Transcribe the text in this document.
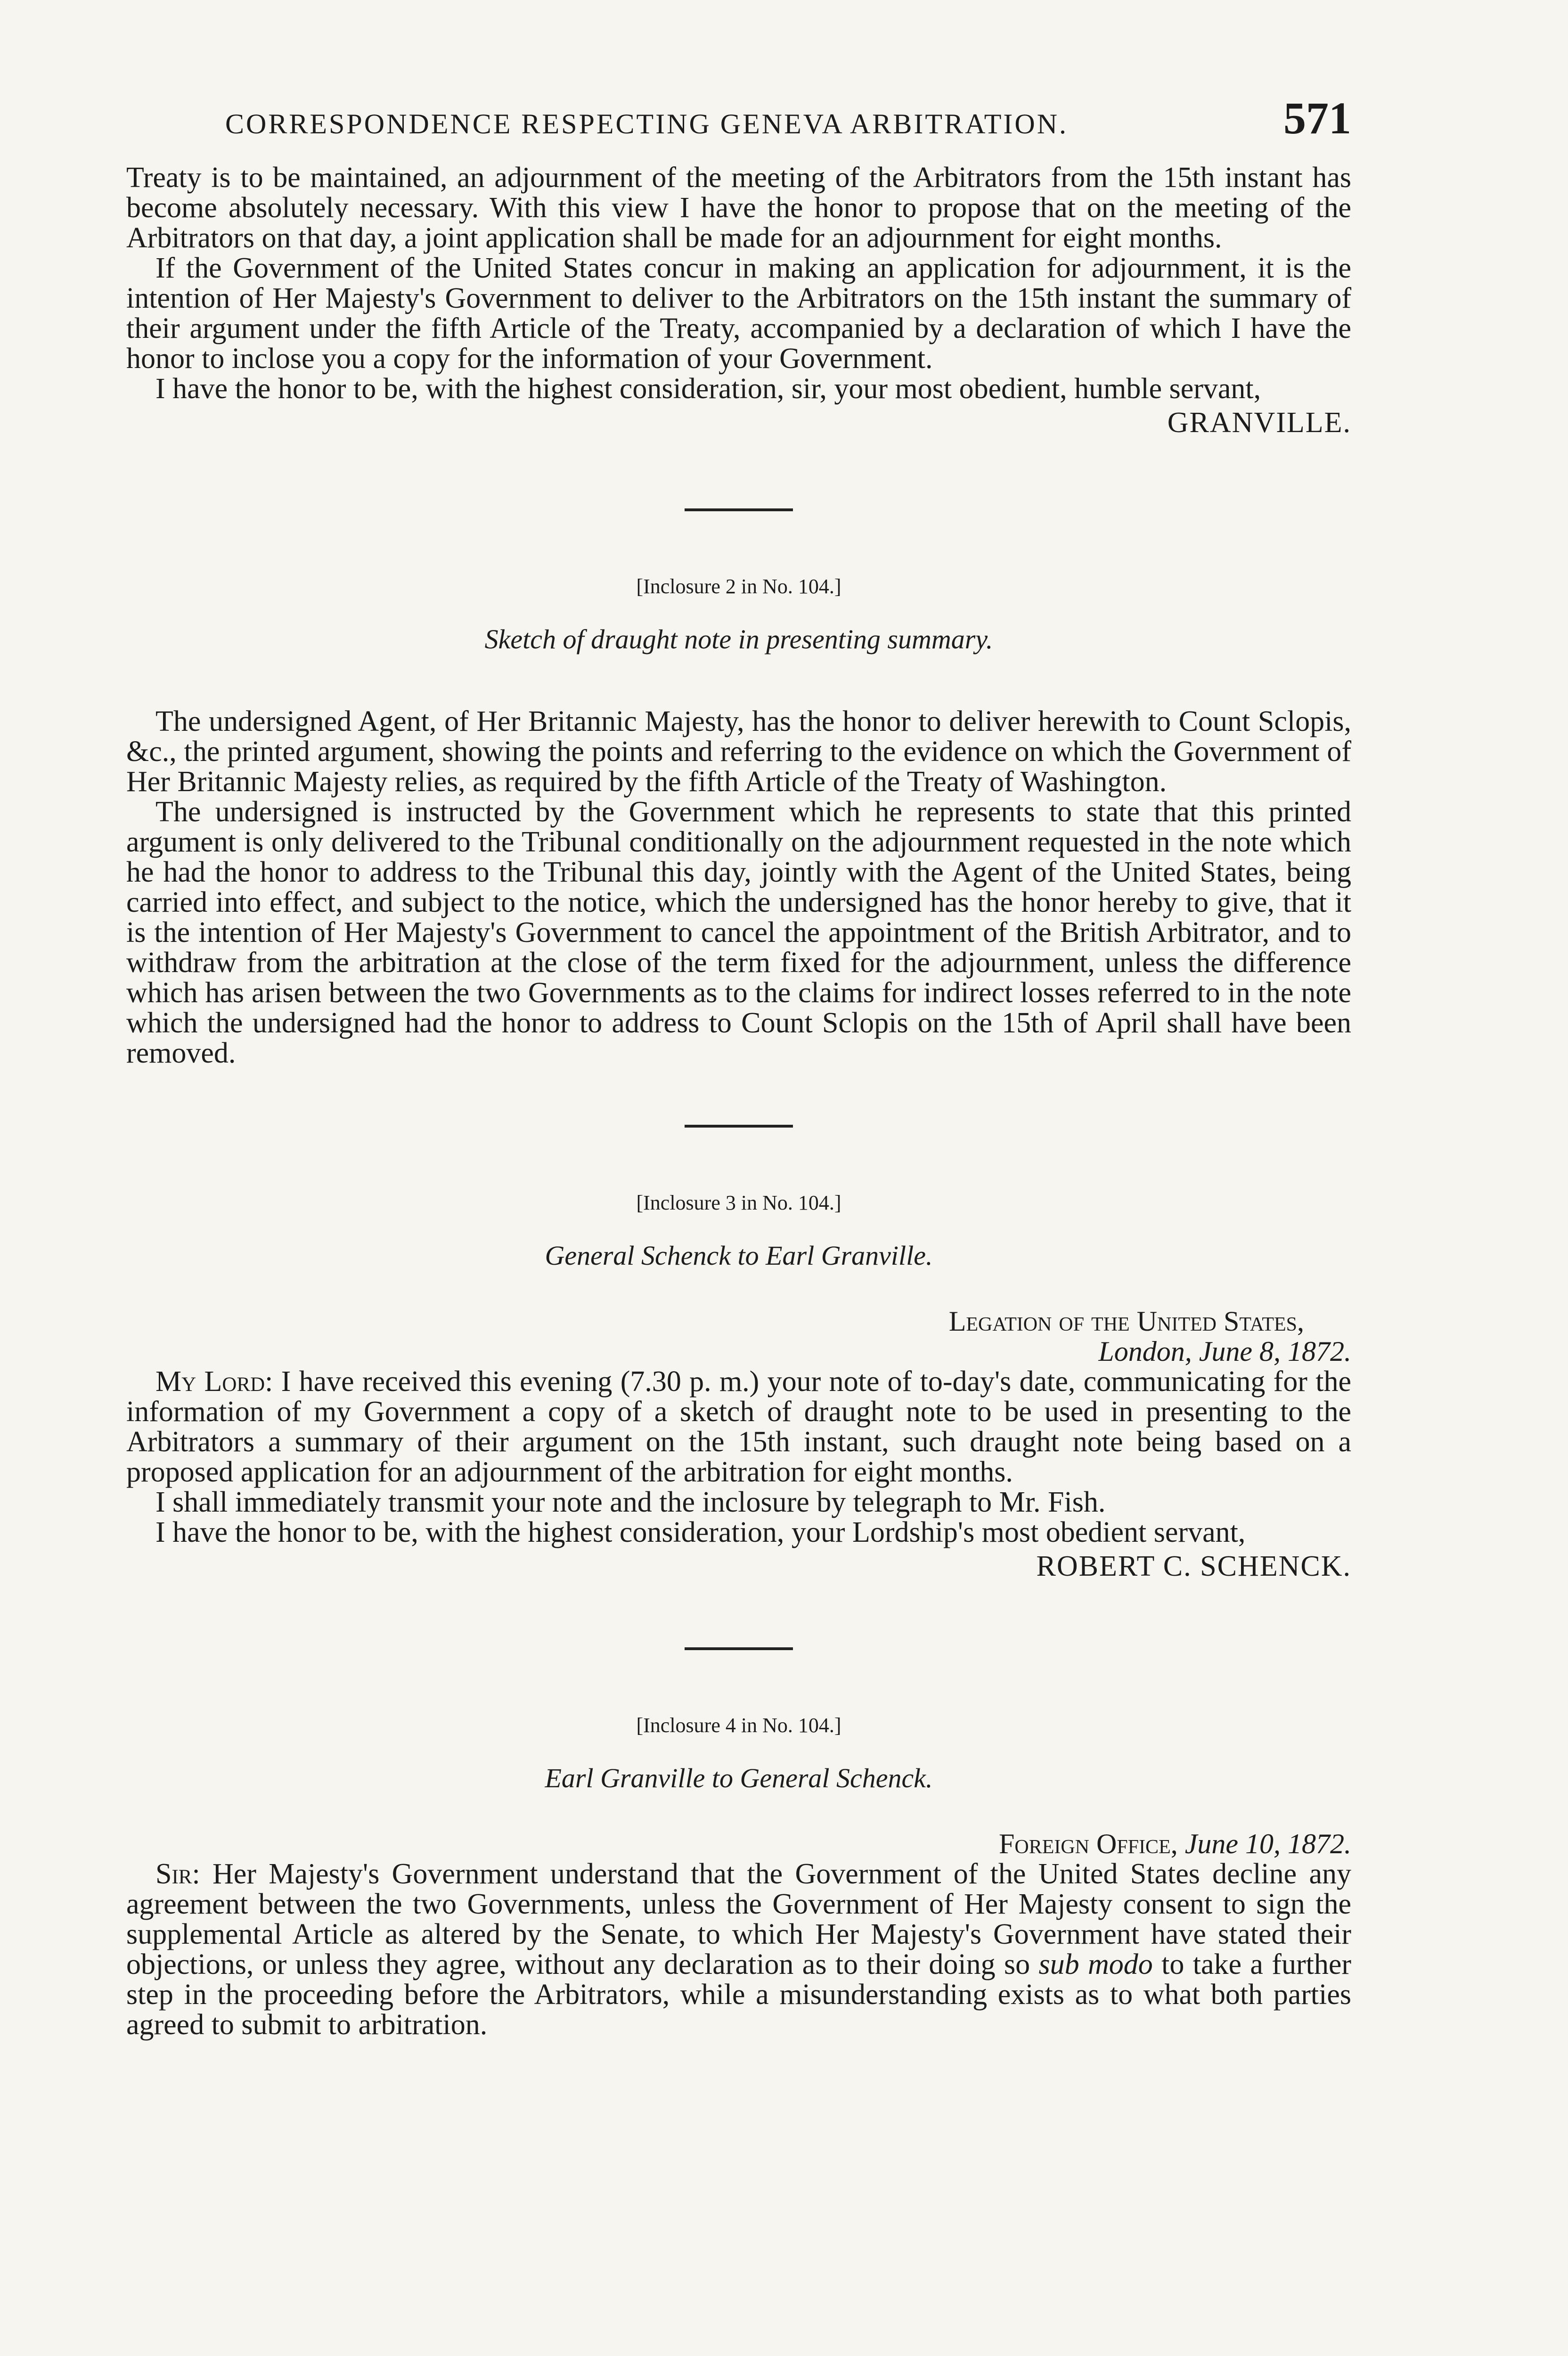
CORRESPONDENCE RESPECTING GENEVA ARBITRATION.	571

Treaty is to be maintained, an adjournment of the meeting of the Arbitrators from the 15th instant has become absolutely necessary. With this view I have the honor to propose that on the meeting of the Arbitrators on that day, a joint application shall be made for an adjournment for eight months.

If the Government of the United States concur in making an application for adjournment, it is the intention of Her Majesty's Government to deliver to the Arbitrators on the 15th instant the summary of their argument under the fifth Article of the Treaty, accompanied by a declaration of which I have the honor to inclose you a copy for the information of your Government.

I have the honor to be, with the highest consideration, sir, your most obedient, humble servant,

GRANVILLE.
[Inclosure 2 in No. 104.]
Sketch of draught note in presenting summary.

The undersigned Agent, of Her Britannic Majesty, has the honor to deliver herewith to Count Sclopis, &c., the printed argument, showing the points and referring to the evidence on which the Government of Her Britannic Majesty relies, as required by the fifth Article of the Treaty of Washington.

The undersigned is instructed by the Government which he represents to state that this printed argument is only delivered to the Tribunal conditionally on the adjournment requested in the note which he had the honor to address to the Tribunal this day, jointly with the Agent of the United States, being carried into effect, and subject to the notice, which the undersigned has the honor hereby to give, that it is the intention of Her Majesty's Government to cancel the appointment of the British Arbitrator, and to withdraw from the arbitration at the close of the term fixed for the adjournment, unless the difference which has arisen between the two Governments as to the claims for indirect losses referred to in the note which the undersigned had the honor to address to Count Sclopis on the 15th of April shall have been removed.

[Inclosure 3 in No. 104.]
General Schenck to Earl Granville.
Legation of the United States,
London, June 8, 1872.

My Lord: I have received this evening (7.30 p. m.) your note of to-day's date, communicating for the information of my Government a copy of a sketch of draught note to be used in presenting to the Arbitrators a summary of their argument on the 15th instant, such draught note being based on a proposed application for an adjournment of the arbitration for eight months.

I shall immediately transmit your note and the inclosure by telegraph to Mr. Fish.

I have the honor to be, with the highest consideration, your Lordship's most obedient servant,

ROBERT C. SCHENCK.
[Inclosure 4 in No. 104.]
Earl Granville to General Schenck.
Foreign Office, June 10, 1872.

Sir: Her Majesty's Government understand that the Government of the United States decline any agreement between the two Governments, unless the Government of Her Majesty consent to sign the supplemental Article as altered by the Senate, to which Her Majesty's Government have stated their objections, or unless they agree, without any declaration as to their doing so sub modo to take a further step in the proceeding before the Arbitrators, while a misunderstanding exists as to what both parties agreed to submit to arbitration.
